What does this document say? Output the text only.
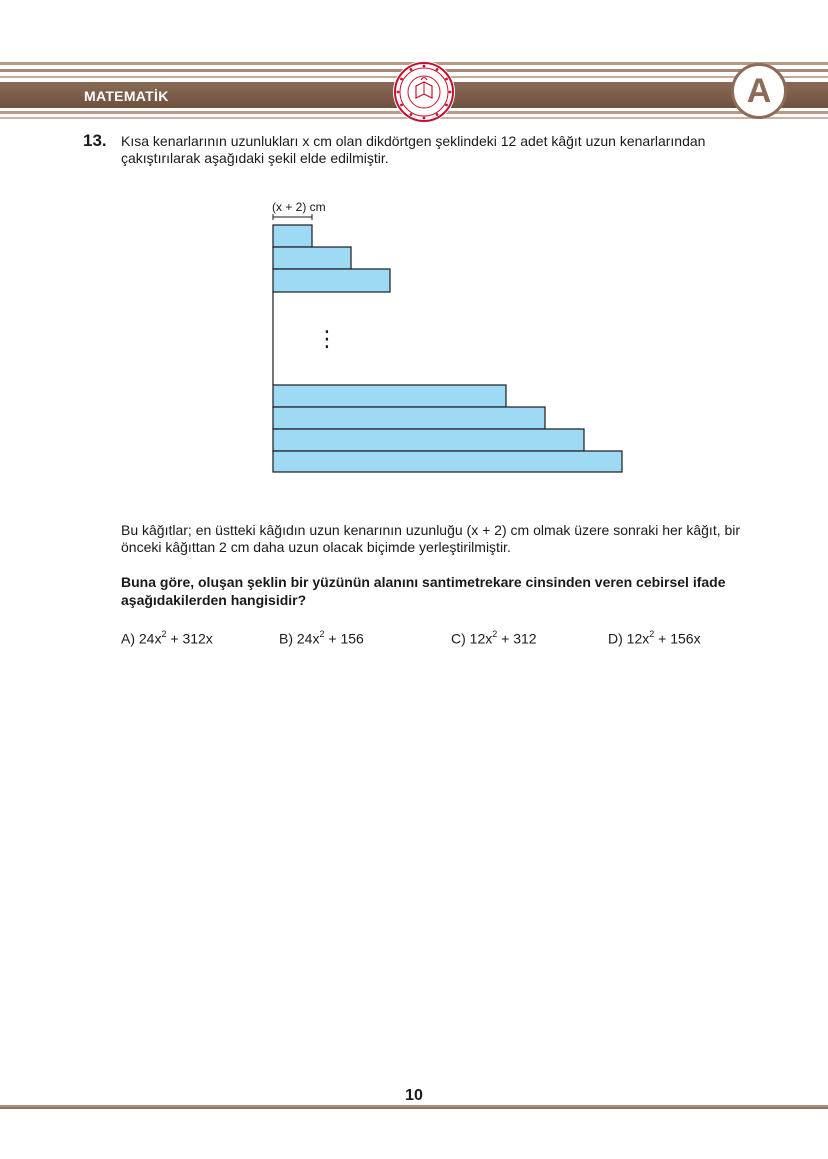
MATEMATİK	A
13. Kısa kenarlarının uzunlukları x cm olan dikdörtgen şeklindeki 12 adet kâğıt uzun kenarlarından çakıştırılarak aşağıdaki şekil elde edilmiştir.
(x + 2) cm
⋮
Bu kâğıtlar; en üstteki kâğıdın uzun kenarının uzunluğu (x + 2) cm olmak üzere sonraki her kâğıt, bir önceki kâğıttan 2 cm daha uzun olacak biçimde yerleştirilmiştir.
Buna göre, oluşan şeklin bir yüzünün alanını santimetrekare cinsinden veren cebirsel ifade aşağıdakilerden hangisidir?
A) $24x^2 + 312x$	B) $24x^2 + 156$	C) $12x^2 + 312$	D) $12x^2 + 156x$
10
